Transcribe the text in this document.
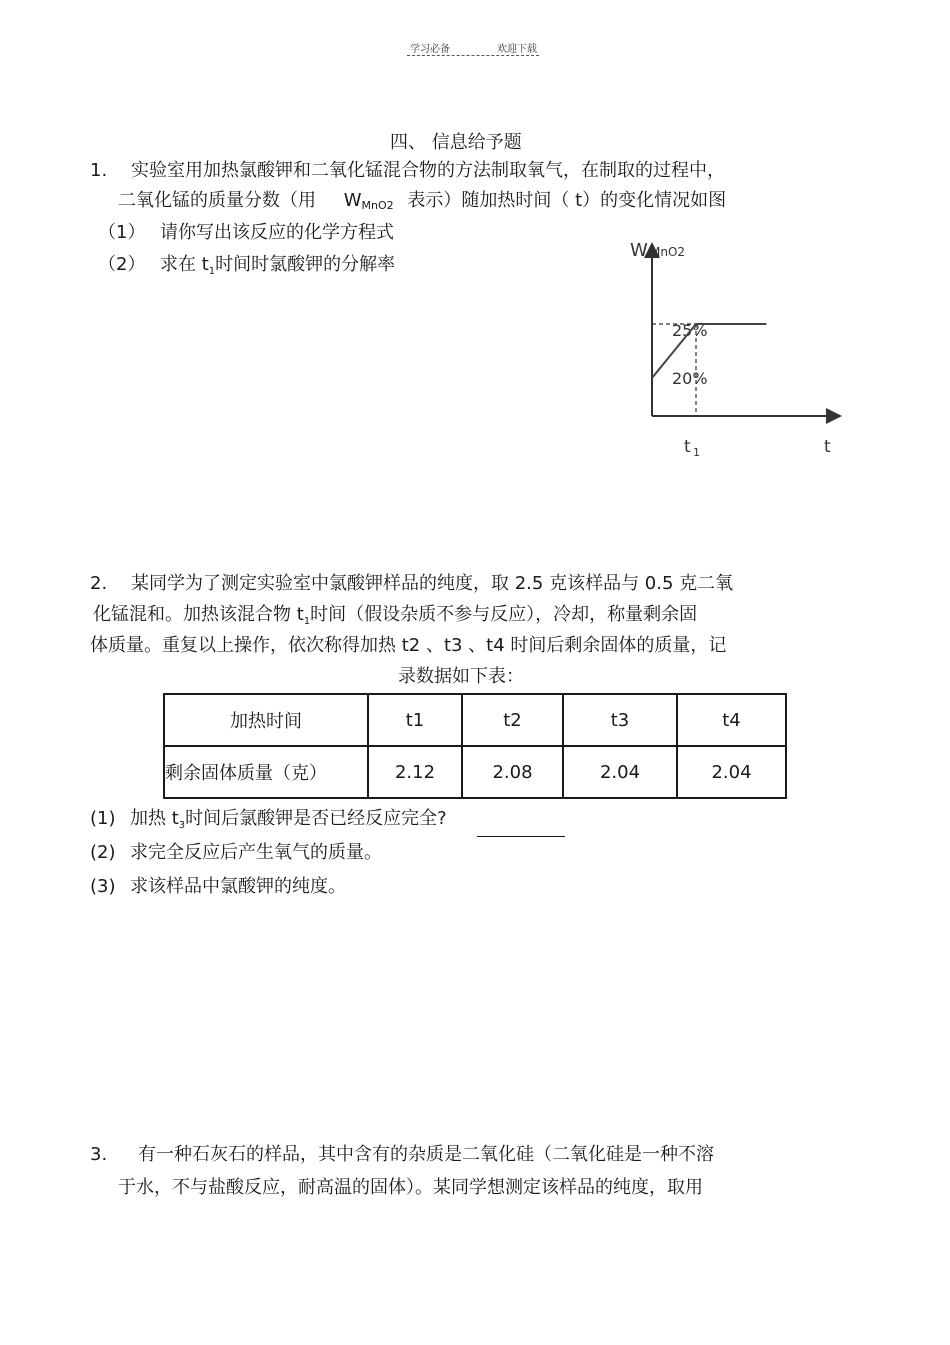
学习必备	欢迎下载
四、 信息给予题
1. 实验室用加热氯酸钾和二氧化锰混合物的方法制取氧气，在制取的过程中，
二氧化锰的质量分数（用 $W_{MnO2}$ 表示）随加热时间（ t）的变化情况如图
（1） 请你写出该反应的化学方程式
（2） 求在 $t_1$时间时氯酸钾的分解率
W MnO2
25%
20%
t 1	t
2. 某同学为了测定实验室中氯酸钾样品的纯度，取 2.5 克该样品与 0.5 克二氧
化锰混和。加热该混合物 $t_1$时间（假设杂质不参与反应），冷却，称量剩余固
体质量。重复以上操作，依次称得加热 t2 、t3 、t4 时间后剩余固体的质量，记
录数据如下表：
加热时间	t1	t2	t3	t4
剩余固体质量（克）	2.12	2.08	2.04	2.04
(1) 加热 $t_3$时间后氯酸钾是否已经反应完全?
(2) 求完全反应后产生氧气的质量。
(3) 求该样品中氯酸钾的纯度。
3. 有一种石灰石的样品，其中含有的杂质是二氧化硅（二氧化硅是一种不溶
于水，不与盐酸反应，耐高温的固体）。某同学想测定该样品的纯度，取用
